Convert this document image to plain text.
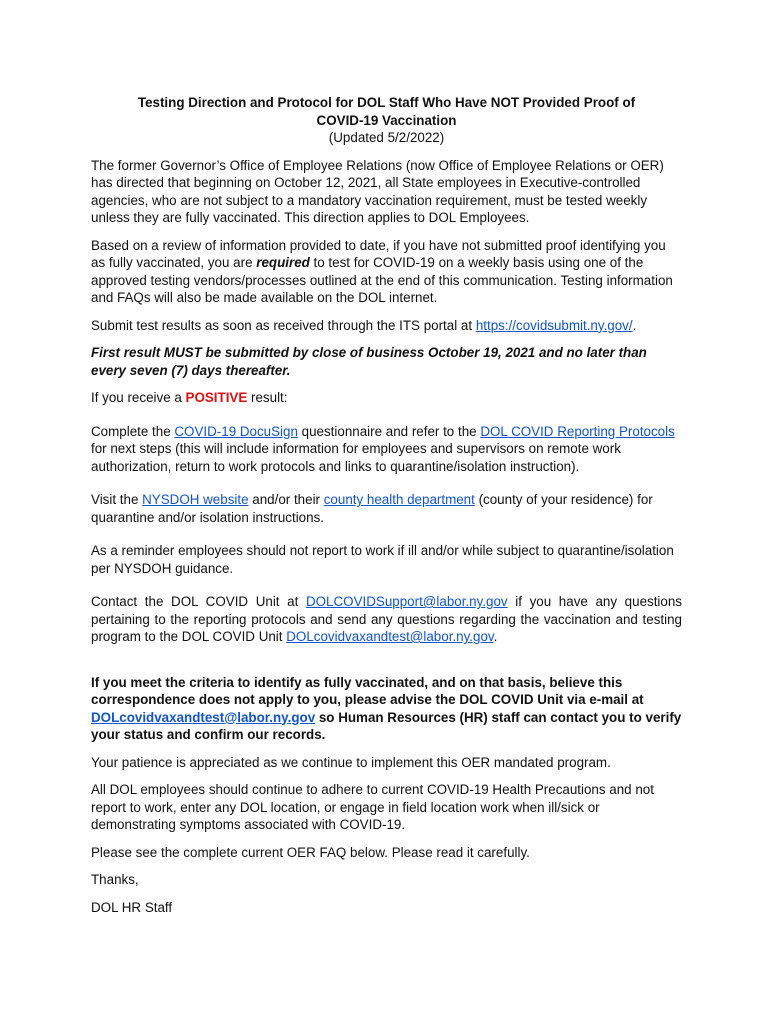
Testing Direction and Protocol for DOL Staff Who Have NOT Provided Proof of
COVID-19 Vaccination

(Updated 5/2/2022)

The former Governor’s Office of Employee Relations (now Office of Employee Relations or OER) has directed that beginning on October 12, 2021, all State employees in Executive-controlled agencies, who are not subject to a mandatory vaccination requirement, must be tested weekly unless they are fully vaccinated. This direction applies to DOL Employees.

Based on a review of information provided to date, if you have not submitted proof identifying you as fully vaccinated, you are required to test for COVID-19 on a weekly basis using one of the approved testing vendors/processes outlined at the end of this communication. Testing information and FAQs will also be made available on the DOL internet.

Submit test results as soon as received through the ITS portal at https://covidsubmit.ny.gov/.

First result MUST be submitted by close of business October 19, 2021 and no later than every seven (7) days thereafter.

If you receive a POSITIVE result:

Complete the COVID-19 DocuSign questionnaire and refer to the DOL COVID Reporting Protocols for next steps (this will include information for employees and supervisors on remote work authorization, return to work protocols and links to quarantine/isolation instruction).

Visit the NYSDOH website and/or their county health department (county of your residence) for quarantine and/or isolation instructions.

As a reminder employees should not report to work if ill and/or while subject to quarantine/isolation per NYSDOH guidance.

Contact the DOL COVID Unit at DOLCOVIDSupport@labor.ny.gov if you have any questions pertaining to the reporting protocols and send any questions regarding the vaccination and testing program to the DOL COVID Unit DOLcovidvaxandtest@labor.ny.gov.

If you meet the criteria to identify as fully vaccinated, and on that basis, believe this correspondence does not apply to you, please advise the DOL COVID Unit via e-mail at DOLcovidvaxandtest@labor.ny.gov so Human Resources (HR) staff can contact you to verify your status and confirm our records.

Your patience is appreciated as we continue to implement this OER mandated program.

All DOL employees should continue to adhere to current COVID-19 Health Precautions and not report to work, enter any DOL location, or engage in field location work when ill/sick or demonstrating symptoms associated with COVID-19.

Please see the complete current OER FAQ below. Please read it carefully.

Thanks,

DOL HR Staff
